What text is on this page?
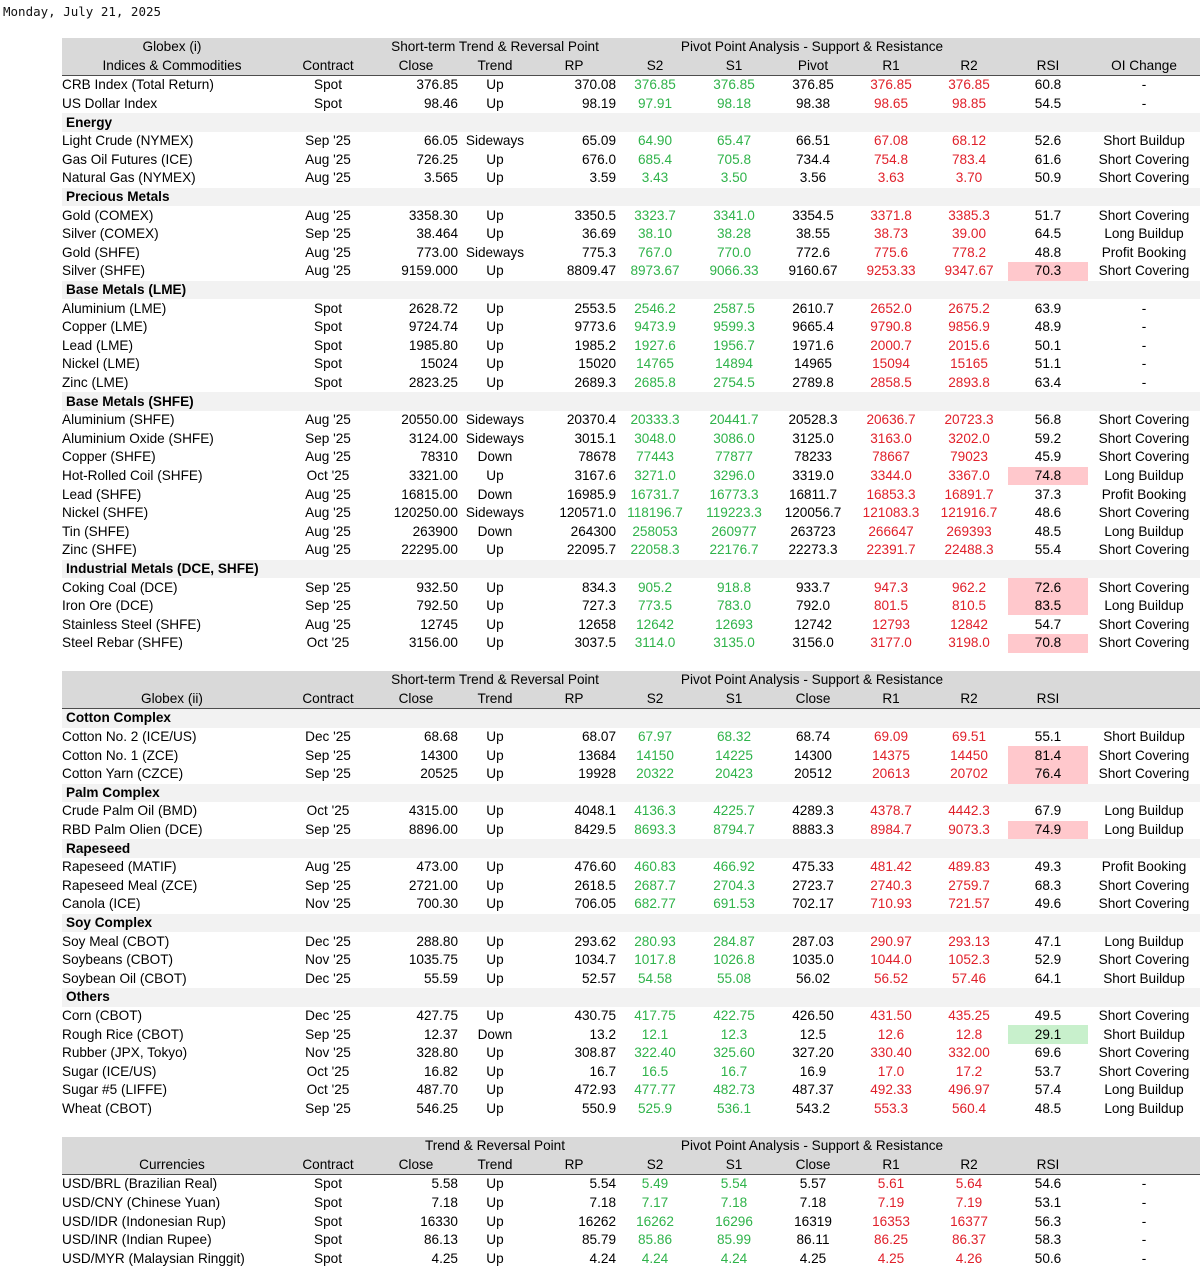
Monday, July 21, 2025
Globex (i)		Short-term Trend & Reversal Point			Pivot Point Analysis - Support & Resistance						
Indices & Commodities	Contract	Close	Trend	RP	S2	S1	Pivot	R1	R2	RSI	OI Change
CRB Index (Total Return)	Spot	376.85	Up	370.08	376.85	376.85	376.85	376.85	376.85	60.8	-
US Dollar Index	Spot	98.46	Up	98.19	97.91	98.18	98.38	98.65	98.85	54.5	-
Energy											
Light Crude (NYMEX)	Sep '25	66.05	Sideways	65.09	64.90	65.47	66.51	67.08	68.12	52.6	Short Buildup
Gas Oil Futures (ICE)	Aug '25	726.25	Up	676.0	685.4	705.8	734.4	754.8	783.4	61.6	Short Covering
Natural Gas (NYMEX)	Aug '25	3.565	Up	3.59	3.43	3.50	3.56	3.63	3.70	50.9	Short Covering
Precious Metals											
Gold (COMEX)	Aug '25	3358.30	Up	3350.5	3323.7	3341.0	3354.5	3371.8	3385.3	51.7	Short Covering
Silver (COMEX)	Sep '25	38.464	Up	36.69	38.10	38.28	38.55	38.73	39.00	64.5	Long Buildup
Gold (SHFE)	Aug '25	773.00	Sideways	775.3	767.0	770.0	772.6	775.6	778.2	48.8	Profit Booking
Silver (SHFE)	Aug '25	9159.000	Up	8809.47	8973.67	9066.33	9160.67	9253.33	9347.67	70.3	Short Covering
Base Metals (LME)											
Aluminium (LME)	Spot	2628.72	Up	2553.5	2546.2	2587.5	2610.7	2652.0	2675.2	63.9	-
Copper (LME)	Spot	9724.74	Up	9773.6	9473.9	9599.3	9665.4	9790.8	9856.9	48.9	-
Lead (LME)	Spot	1985.80	Up	1985.2	1927.6	1956.7	1971.6	2000.7	2015.6	50.1	-
Nickel (LME)	Spot	15024	Up	15020	14765	14894	14965	15094	15165	51.1	-
Zinc (LME)	Spot	2823.25	Up	2689.3	2685.8	2754.5	2789.8	2858.5	2893.8	63.4	-
Base Metals (SHFE)											
Aluminium (SHFE)	Aug '25	20550.00	Sideways	20370.4	20333.3	20441.7	20528.3	20636.7	20723.3	56.8	Short Covering
Aluminium Oxide (SHFE)	Sep '25	3124.00	Sideways	3015.1	3048.0	3086.0	3125.0	3163.0	3202.0	59.2	Short Covering
Copper (SHFE)	Aug '25	78310	Down	78678	77443	77877	78233	78667	79023	45.9	Short Covering
Hot-Rolled Coil (SHFE)	Oct '25	3321.00	Up	3167.6	3271.0	3296.0	3319.0	3344.0	3367.0	74.8	Long Buildup
Lead (SHFE)	Aug '25	16815.00	Down	16985.9	16731.7	16773.3	16811.7	16853.3	16891.7	37.3	Profit Booking
Nickel (SHFE)	Aug '25	120250.00	Sideways	120571.0	118196.7	119223.3	120056.7	121083.3	121916.7	48.6	Short Covering
Tin (SHFE)	Aug '25	263900	Down	264300	258053	260977	263723	266647	269393	48.5	Long Buildup
Zinc (SHFE)	Aug '25	22295.00	Up	22095.7	22058.3	22176.7	22273.3	22391.7	22488.3	55.4	Short Covering
Industrial Metals (DCE, SHFE)											
Coking Coal (DCE)	Sep '25	932.50	Up	834.3	905.2	918.8	933.7	947.3	962.2	72.6	Short Covering
Iron Ore (DCE)	Sep '25	792.50	Up	727.3	773.5	783.0	792.0	801.5	810.5	83.5	Long Buildup
Stainless Steel (SHFE)	Aug '25	12745	Up	12658	12642	12693	12742	12793	12842	54.7	Short Covering
Steel Rebar (SHFE)	Oct '25	3156.00	Up	3037.5	3114.0	3135.0	3156.0	3177.0	3198.0	70.8	Short Covering
		Short-term Trend & Reversal Point			Pivot Point Analysis - Support & Resistance						
Globex (ii)	Contract	Close	Trend	RP	S2	S1	Close	R1	R2	RSI	
Cotton Complex											
Cotton No. 2 (ICE/US)	Dec '25	68.68	Up	68.07	67.97	68.32	68.74	69.09	69.51	55.1	Short Buildup
Cotton No. 1 (ZCE)	Sep '25	14300	Up	13684	14150	14225	14300	14375	14450	81.4	Short Covering
Cotton Yarn (CZCE)	Sep '25	20525	Up	19928	20322	20423	20512	20613	20702	76.4	Short Covering
Palm Complex											
Crude Palm Oil (BMD)	Oct '25	4315.00	Up	4048.1	4136.3	4225.7	4289.3	4378.7	4442.3	67.9	Long Buildup
RBD Palm Olien (DCE)	Sep '25	8896.00	Up	8429.5	8693.3	8794.7	8883.3	8984.7	9073.3	74.9	Long Buildup
Rapeseed											
Rapeseed (MATIF)	Aug '25	473.00	Up	476.60	460.83	466.92	475.33	481.42	489.83	49.3	Profit Booking
Rapeseed Meal (ZCE)	Sep '25	2721.00	Up	2618.5	2687.7	2704.3	2723.7	2740.3	2759.7	68.3	Short Covering
Canola (ICE)	Nov '25	700.30	Up	706.05	682.77	691.53	702.17	710.93	721.57	49.6	Short Covering
Soy Complex											
Soy Meal (CBOT)	Dec '25	288.80	Up	293.62	280.93	284.87	287.03	290.97	293.13	47.1	Long Buildup
Soybeans (CBOT)	Nov '25	1035.75	Up	1034.7	1017.8	1026.8	1035.0	1044.0	1052.3	52.9	Short Covering
Soybean Oil (CBOT)	Dec '25	55.59	Up	52.57	54.58	55.08	56.02	56.52	57.46	64.1	Short Buildup
Others											
Corn (CBOT)	Dec '25	427.75	Up	430.75	417.75	422.75	426.50	431.50	435.25	49.5	Short Covering
Rough Rice (CBOT)	Sep '25	12.37	Down	13.2	12.1	12.3	12.5	12.6	12.8	29.1	Short Buildup
Rubber (JPX, Tokyo)	Nov '25	328.80	Up	308.87	322.40	325.60	327.20	330.40	332.00	69.6	Short Covering
Sugar (ICE/US)	Oct '25	16.82	Up	16.7	16.5	16.7	16.9	17.0	17.2	53.7	Short Covering
Sugar #5 (LIFFE)	Oct '25	487.70	Up	472.93	477.77	482.73	487.37	492.33	496.97	57.4	Long Buildup
Wheat (CBOT)	Sep '25	546.25	Up	550.9	525.9	536.1	543.2	553.3	560.4	48.5	Long Buildup
		Trend & Reversal Point			Pivot Point Analysis - Support & Resistance						
Currencies	Contract	Close	Trend	RP	S2	S1	Close	R1	R2	RSI	
USD/BRL (Brazilian Real)	Spot	5.58	Up	5.54	5.49	5.54	5.57	5.61	5.64	54.6	-
USD/CNY (Chinese Yuan)	Spot	7.18	Up	7.18	7.17	7.18	7.18	7.19	7.19	53.1	-
USD/IDR (Indonesian Rup)	Spot	16330	Up	16262	16262	16296	16319	16353	16377	56.3	-
USD/INR (Indian Rupee)	Spot	86.13	Up	85.79	85.86	85.99	86.11	86.25	86.37	58.3	-
USD/MYR (Malaysian Ringgit)	Spot	4.25	Up	4.24	4.24	4.24	4.25	4.25	4.26	50.6	-
